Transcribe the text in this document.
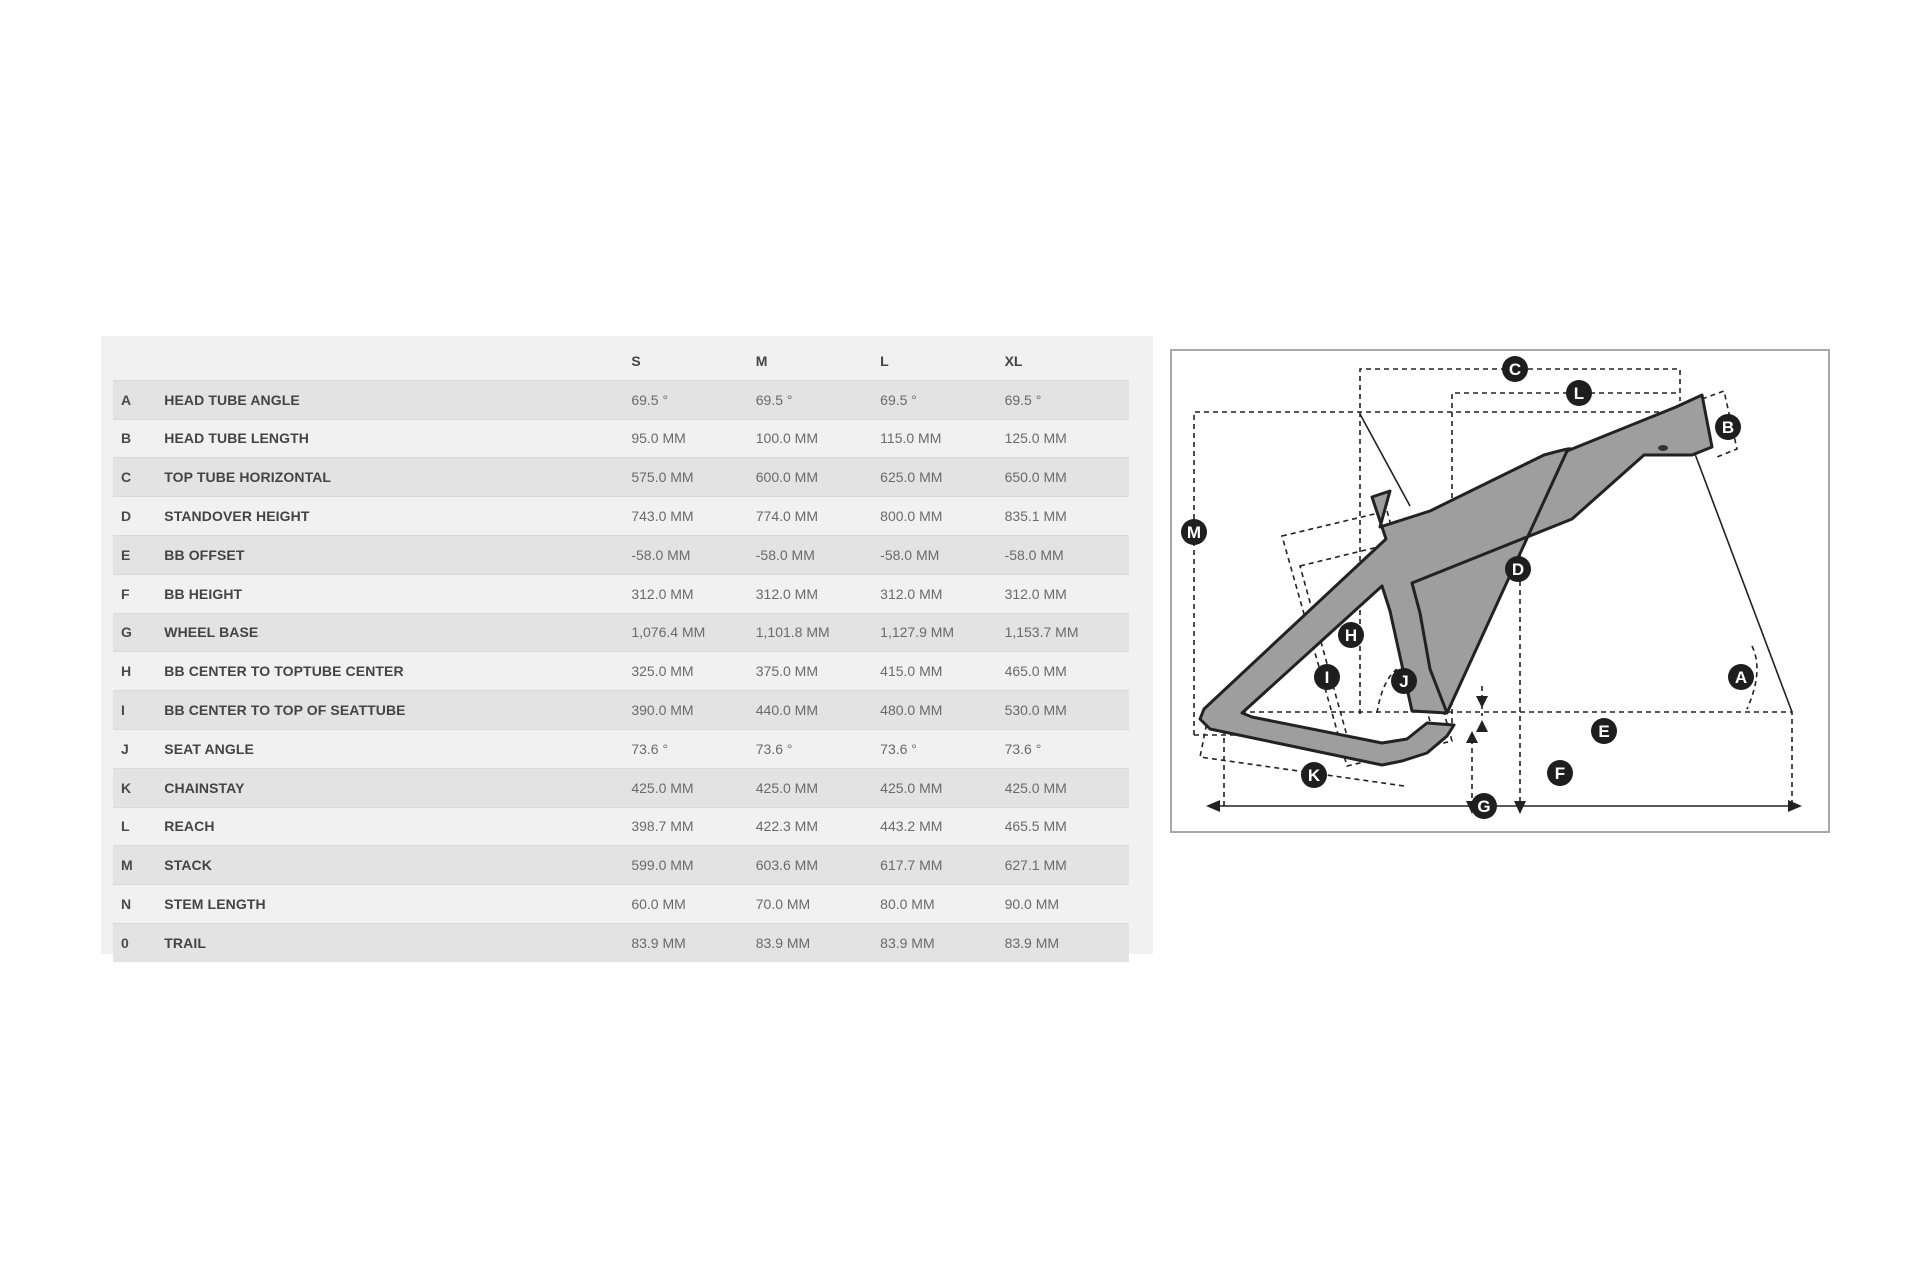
		S	M	L	XL
A	HEAD TUBE ANGLE	69.5 °	69.5 °	69.5 °	69.5 °
B	HEAD TUBE LENGTH	95.0 MM	100.0 MM	115.0 MM	125.0 MM
C	TOP TUBE HORIZONTAL	575.0 MM	600.0 MM	625.0 MM	650.0 MM
D	STANDOVER HEIGHT	743.0 MM	774.0 MM	800.0 MM	835.1 MM
E	BB OFFSET	-58.0 MM	-58.0 MM	-58.0 MM	-58.0 MM
F	BB HEIGHT	312.0 MM	312.0 MM	312.0 MM	312.0 MM
G	WHEEL BASE	1,076.4 MM	1,101.8 MM	1,127.9 MM	1,153.7 MM
H	BB CENTER TO TOPTUBE CENTER	325.0 MM	375.0 MM	415.0 MM	465.0 MM
I	BB CENTER TO TOP OF SEATTUBE	390.0 MM	440.0 MM	480.0 MM	530.0 MM
J	SEAT ANGLE	73.6 °	73.6 °	73.6 °	73.6 °
K	CHAINSTAY	425.0 MM	425.0 MM	425.0 MM	425.0 MM
L	REACH	398.7 MM	422.3 MM	443.2 MM	465.5 MM
M	STACK	599.0 MM	603.6 MM	617.7 MM	627.1 MM
N	STEM LENGTH	60.0 MM	70.0 MM	80.0 MM	90.0 MM
0	TRAIL	83.9 MM	83.9 MM	83.9 MM	83.9 MM
C
L
B
M
D
H
I	J	A
E
F
K
G
